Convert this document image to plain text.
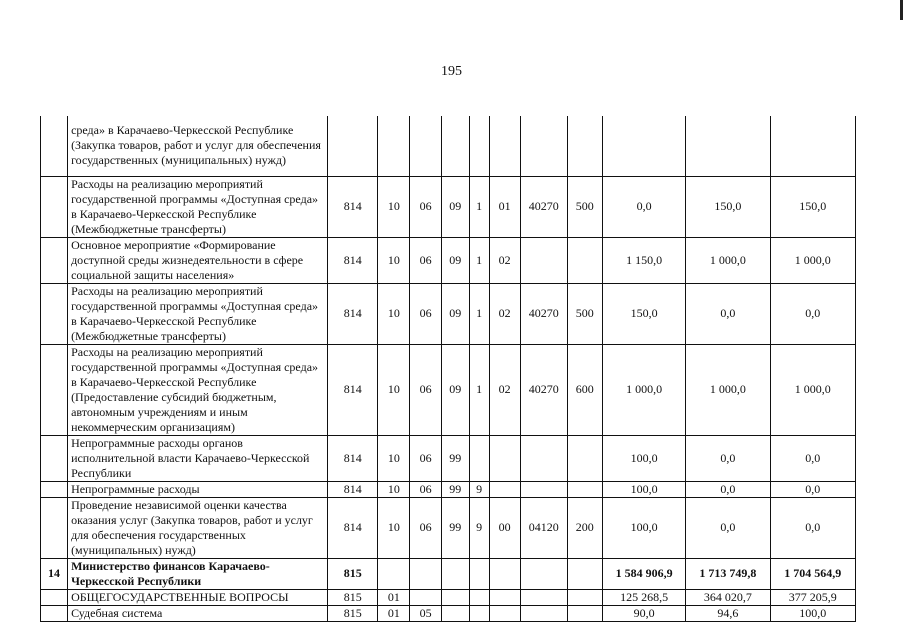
195
	среда» в Карачаево-Черкесской Республике (Закупка товаров, работ и услуг для обеспечения государственных (муниципальных) нужд)											
	Расходы на реализацию мероприятий государственной программы «Доступная среда» в Карачаево-Черкесской Республике (Межбюджетные трансферты)	814	10	06	09	1	01	40270	500	0,0	150,0	150,0
	Основное мероприятие «Формирование доступной среды жизнедеятельности в сфере социальной защиты населения»	814	10	06	09	1	02			1 150,0	1 000,0	1 000,0
	Расходы на реализацию мероприятий государственной программы «Доступная среда» в Карачаево-Черкесской Республике (Межбюджетные трансферты)	814	10	06	09	1	02	40270	500	150,0	0,0	0,0
	Расходы на реализацию мероприятий государственной программы «Доступная среда» в Карачаево-Черкесской Республике (Предоставление субсидий бюджетным, автономным учреждениям и иным некоммерческим организациям)	814	10	06	09	1	02	40270	600	1 000,0	1 000,0	1 000,0
	Непрограммные расходы органов исполнительной власти Карачаево-Черкесской Республики	814	10	06	99					100,0	0,0	0,0
	Непрограммные расходы	814	10	06	99	9				100,0	0,0	0,0
	Проведение независимой оценки качества оказания услуг (Закупка товаров, работ и услуг для обеспечения государственных (муниципальных) нужд)	814	10	06	99	9	00	04120	200	100,0	0,0	0,0
14	Министерство финансов Карачаево-Черкесской Республики	815								1 584 906,9	1 713 749,8	1 704 564,9
	ОБЩЕГОСУДАРСТВЕННЫЕ ВОПРОСЫ	815	01							125 268,5	364 020,7	377 205,9
	Судебная система	815	01	05						90,0	94,6	100,0
